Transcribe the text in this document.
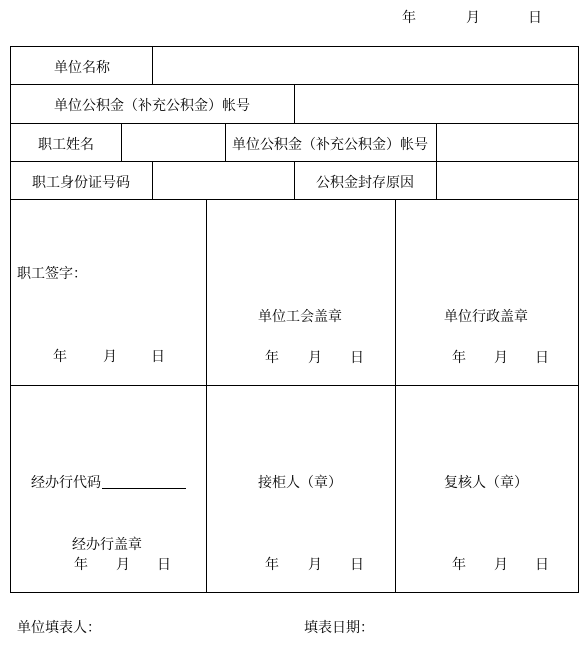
年	月	日
单位名称
单位公积金（补充公积金）帐号
职工姓名	单位公积金（补充公积金）帐号
职工身份证号码	公积金封存原因
职工签字：
年	月 日
单位工会盖章
年 月 日
单位行政盖章
年 月 日
经办行代码
经办行盖章
年 月 日
接柜人（章）
年 月 日
复核人（章）
年 月 日
单位填表人：	填表日期：
